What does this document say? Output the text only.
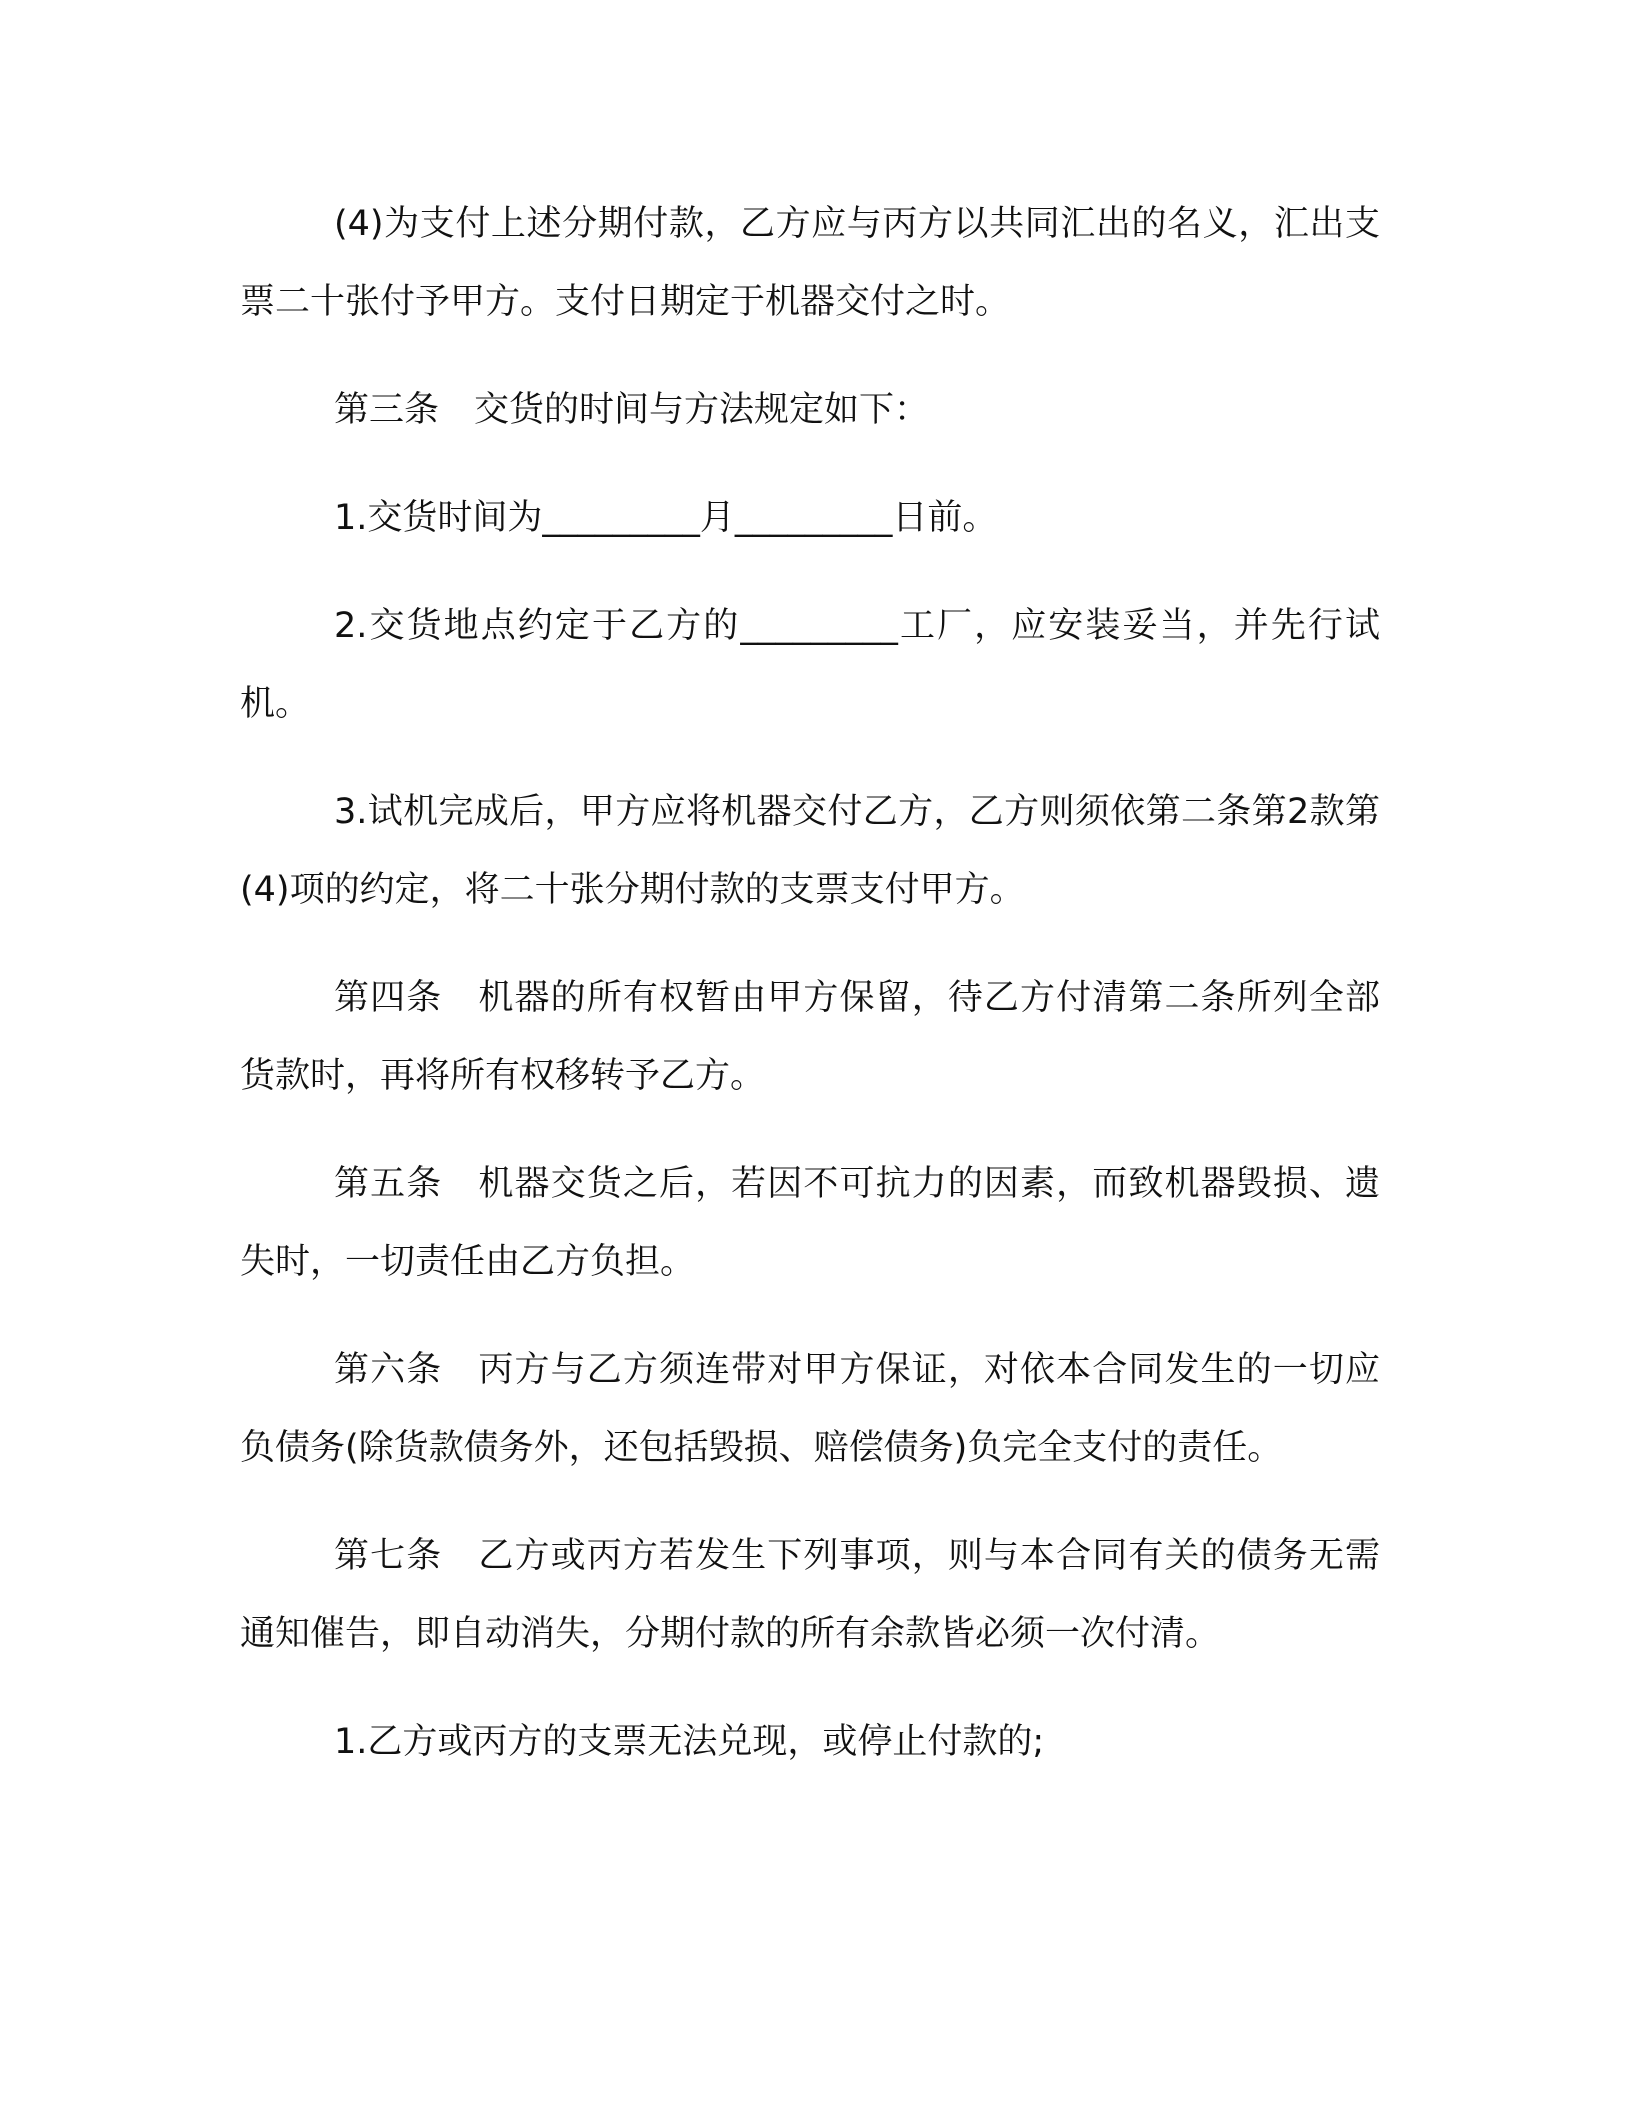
(4)为支付上述分期付款，乙方应与丙方以共同汇出的名义，汇出支票二十张付予甲方。支付日期定于机器交付之时。

第三条　交货的时间与方法规定如下：

1.交货时间为_________月_________日前。

2.交货地点约定于乙方的_________工厂，应安装妥当，并先行试机。

3.试机完成后，甲方应将机器交付乙方，乙方则须依第二条第2款第(4)项的约定，将二十张分期付款的支票支付甲方。

第四条　机器的所有权暂由甲方保留，待乙方付清第二条所列全部货款时，再将所有权移转予乙方。

第五条　机器交货之后，若因不可抗力的因素，而致机器毁损、遗失时，一切责任由乙方负担。

第六条　丙方与乙方须连带对甲方保证，对依本合同发生的一切应负债务(除货款债务外，还包括毁损、赔偿债务)负完全支付的责任。

第七条　乙方或丙方若发生下列事项，则与本合同有关的债务无需通知催告，即自动消失，分期付款的所有余款皆必须一次付清。

1.乙方或丙方的支票无法兑现，或停止付款的;
